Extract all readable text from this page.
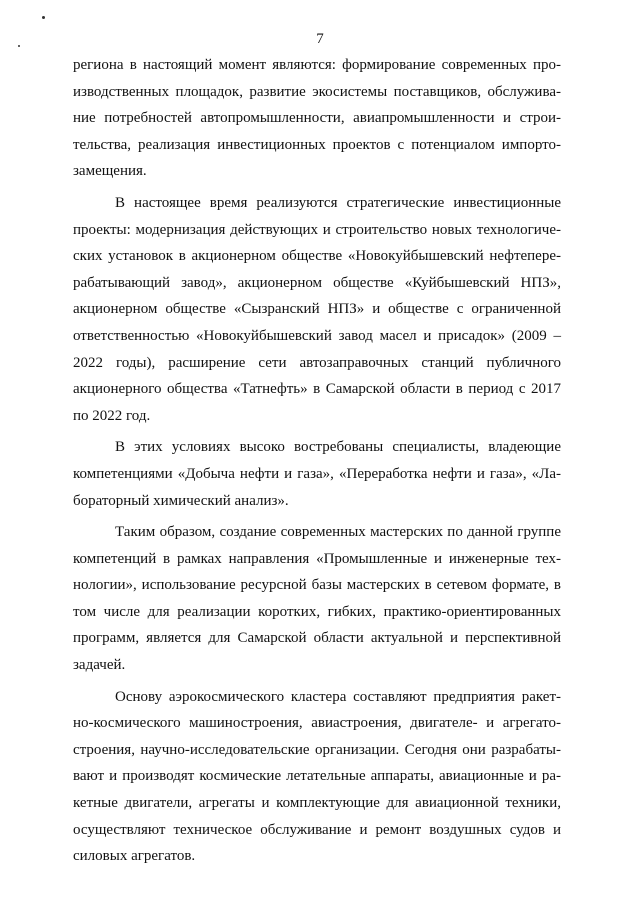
7

региона в настоящий момент являются: формирование современных производственных площадок, развитие экосистемы поставщиков, обслуживание потребностей автопромышленности, авиапромышленности и строительства, реализация инвестиционных проектов с потенциалом импортозамещения.

В настоящее время реализуются стратегические инвестиционные проекты: модернизация действующих и строительство новых технологических установок в акционерном обществе «Новокуйбышевский нефтеперерабатывающий завод», акционерном обществе «Куйбышевский НПЗ», акционерном обществе «Сызранский НПЗ» и обществе с ограниченной ответственностью «Новокуйбышевский завод масел и присадок» (2009 – 2022 годы), расширение сети автозаправочных станций публичного акционерного общества «Татнефть» в Самарской области в период с 2017 по 2022 год.

В этих условиях высоко востребованы специалисты, владеющие компетенциями «Добыча нефти и газа», «Переработка нефти и газа», «Лабораторный химический анализ».

Таким образом, создание современных мастерских по данной группе компетенций в рамках направления «Промышленные и инженерные технологии», использование ресурсной базы мастерских в сетевом формате, в том числе для реализации коротких, гибких, практико-ориентированных программ, является для Самарской области актуальной и перспективной задачей.

Основу аэрокосмического кластера составляют предприятия ракетно-космического машиностроения, авиастроения, двигателе- и агрегатостроения, научно-исследовательские организации. Сегодня они разрабатывают и производят космические летательные аппараты, авиационные и ракетные двигатели, агрегаты и комплектующие для авиационной техники, осуществляют техническое обслуживание и ремонт воздушных судов и силовых агрегатов.
